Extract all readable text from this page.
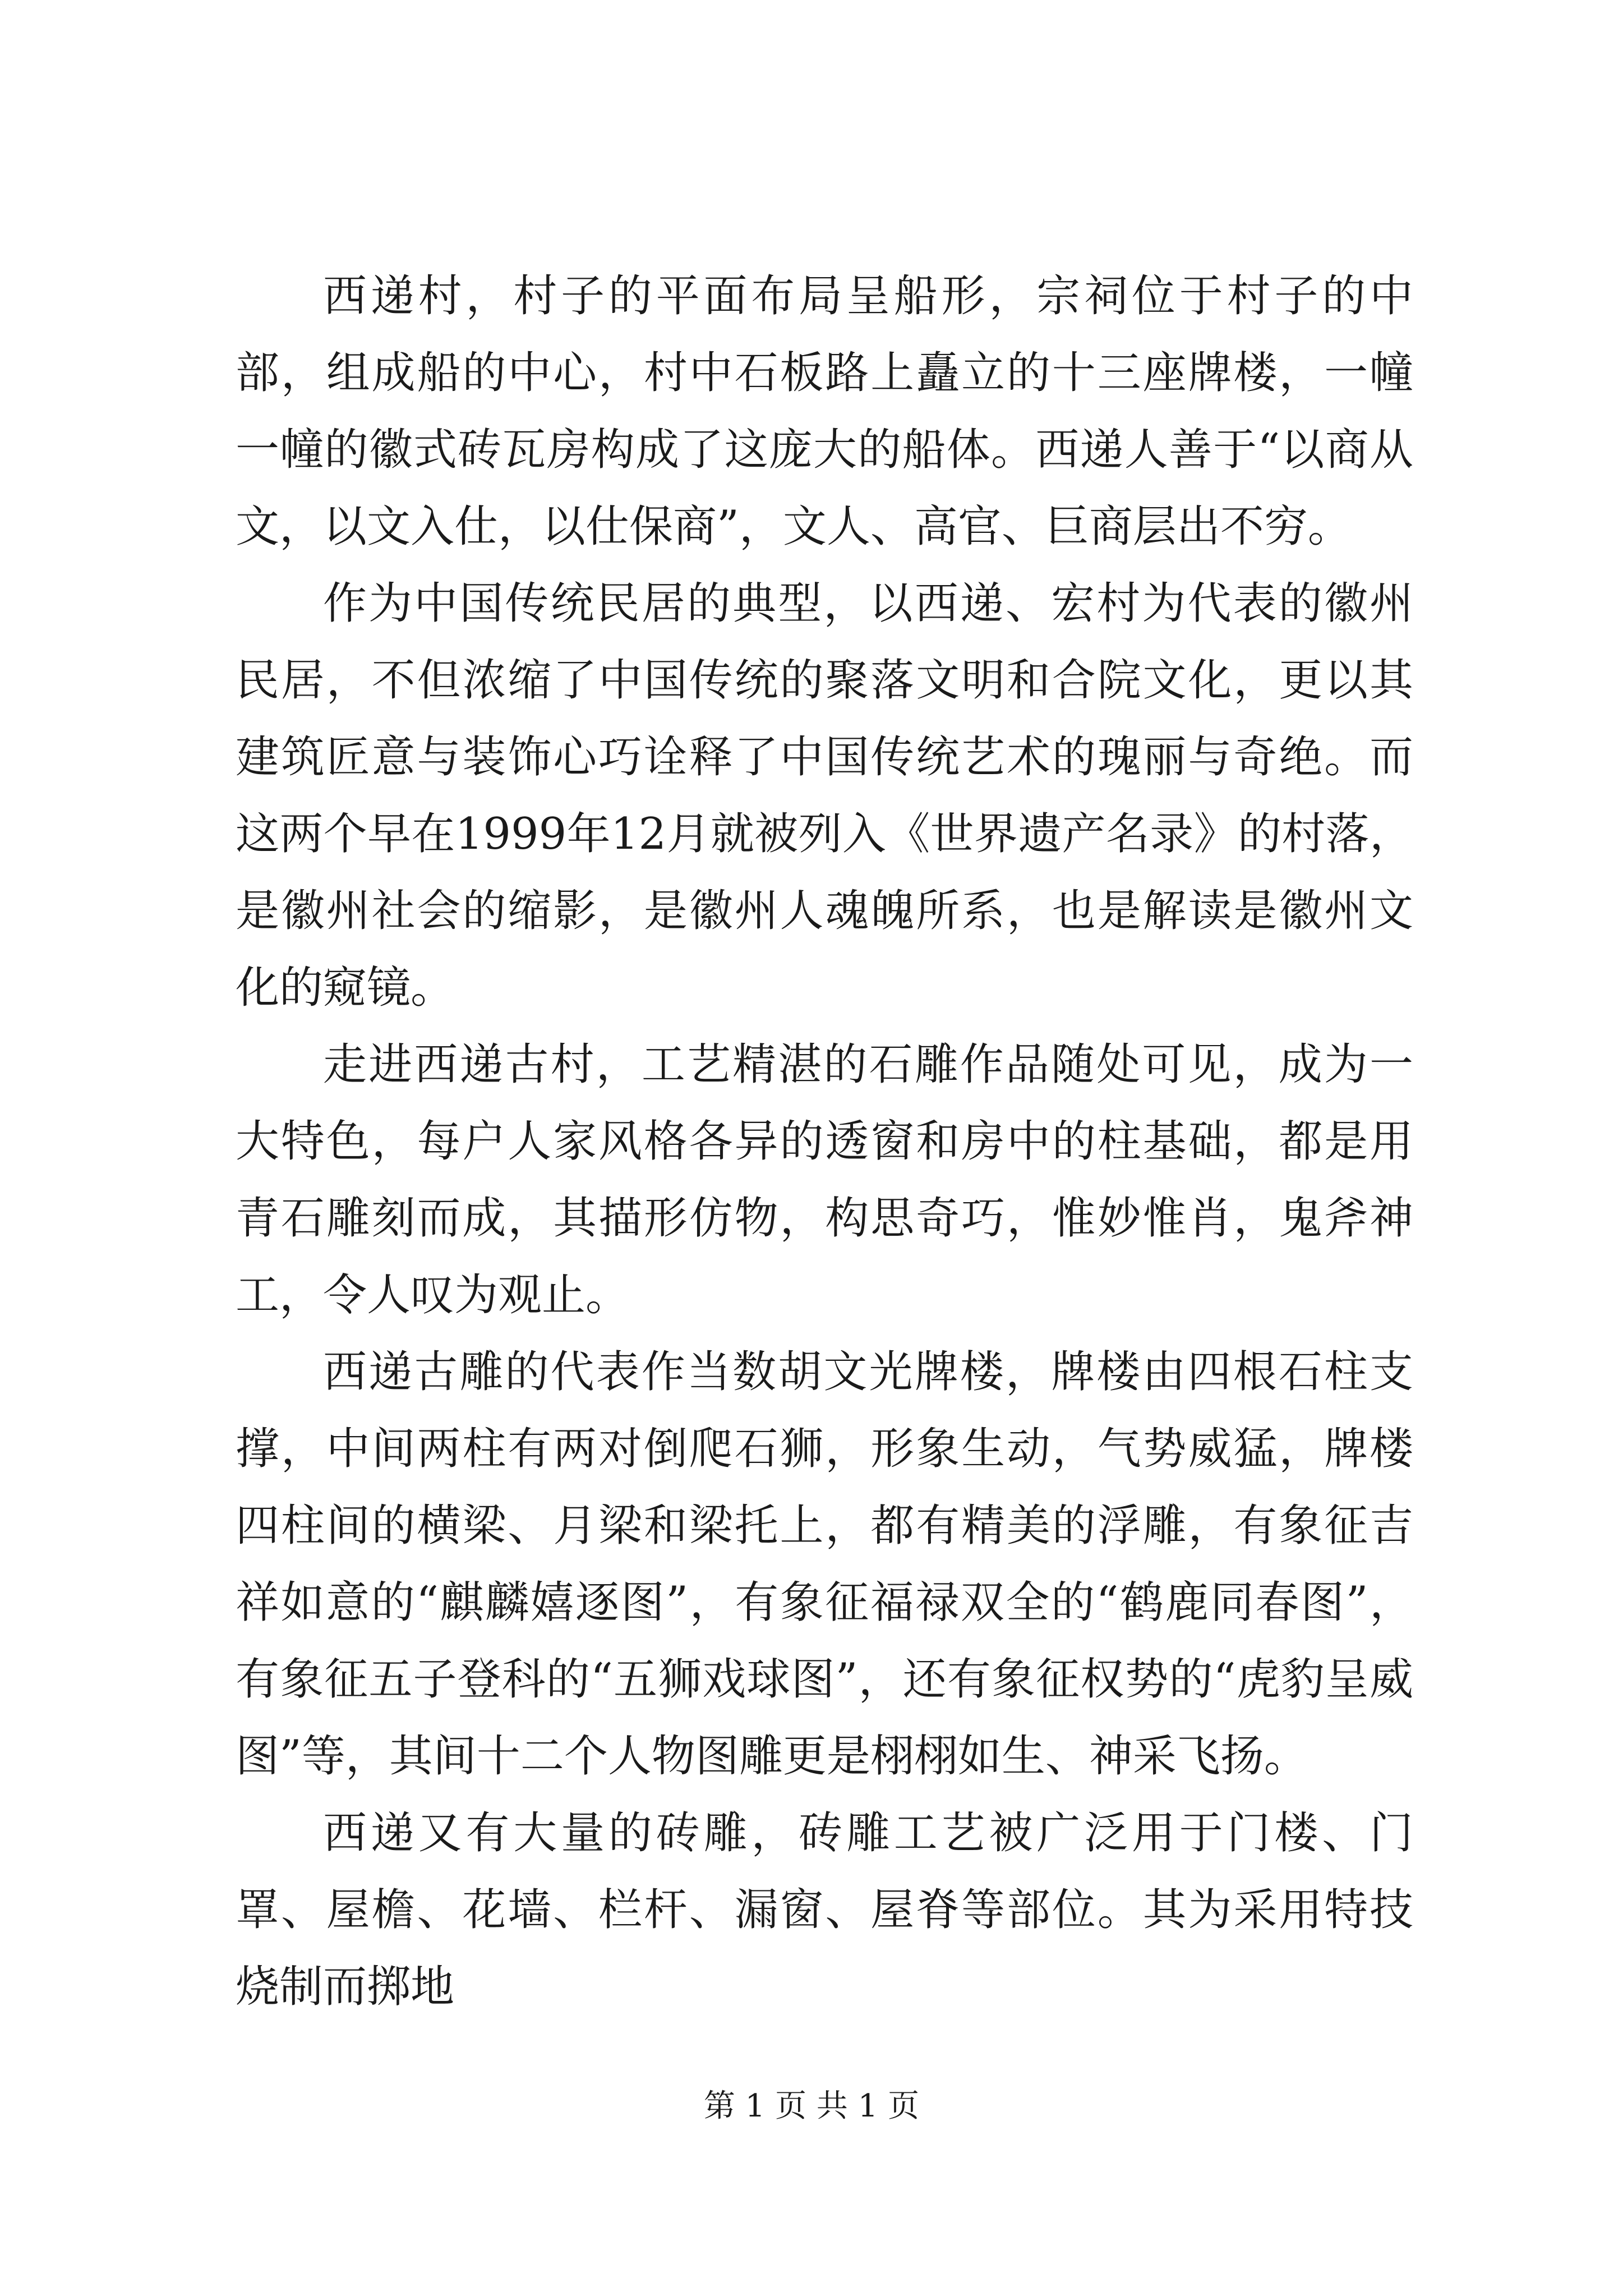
西递村，村子的平面布局呈船形，宗祠位于村子的中部，组成船的中心，村中石板路上矗立的十三座牌楼，一幢一幢的徽式砖瓦房构成了这庞大的船体。西递人善于“以商从文，以文入仕，以仕保商”，文人、高官、巨商层出不穷。

作为中国传统民居的典型，以西递、宏村为代表的徽州民居，不但浓缩了中国传统的聚落文明和合院文化，更以其建筑匠意与装饰心巧诠释了中国传统艺术的瑰丽与奇绝。而这两个早在1999年12月就被列入《世界遗产名录》的村落，是徽州社会的缩影，是徽州人魂魄所系，也是解读是徽州文化的窥镜。

走进西递古村，工艺精湛的石雕作品随处可见，成为一大特色，每户人家风格各异的透窗和房中的柱基础，都是用青石雕刻而成，其描形仿物，构思奇巧，惟妙惟肖，鬼斧神工，令人叹为观止。

西递古雕的代表作当数胡文光牌楼，牌楼由四根石柱支撑，中间两柱有两对倒爬石狮，形象生动，气势威猛，牌楼四柱间的横梁、月梁和梁托上，都有精美的浮雕，有象征吉祥如意的“麒麟嬉逐图”，有象征福禄双全的“鹤鹿同春图”，有象征五子登科的“五狮戏球图”，还有象征权势的“虎豹呈威图”等，其间十二个人物图雕更是栩栩如生、神采飞扬。

西递又有大量的砖雕，砖雕工艺被广泛用于门楼、门罩、屋檐、花墙、栏杆、漏窗、屋脊等部位。其为采用特技烧制而掷地

第 1 页 共 1 页
